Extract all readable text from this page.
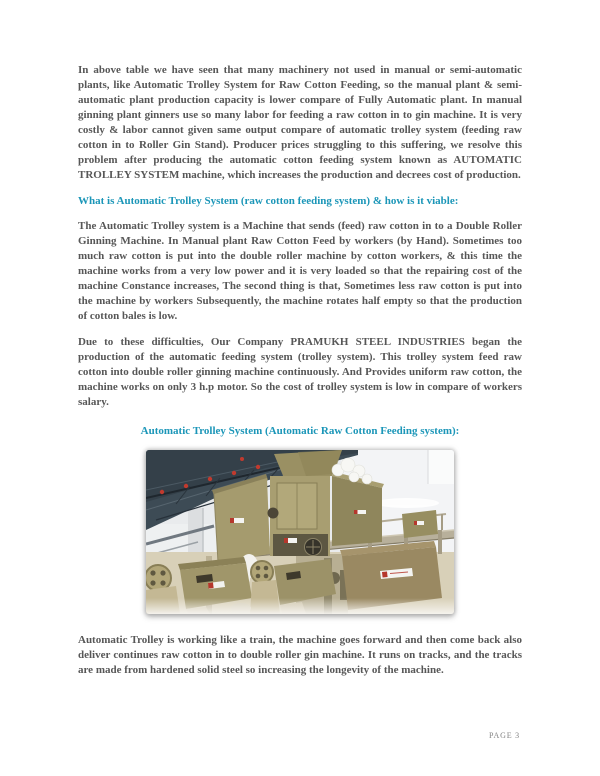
In above table we have seen that many machinery not used in manual or semi-automatic plants, like Automatic Trolley System for Raw Cotton Feeding, so the manual plant & semi-automatic plant production capacity is lower compare of Fully Automatic plant. In manual ginning plant ginners use so many labor for feeding a raw cotton in to gin machine. It is very costly & labor cannot given same output compare of automatic trolley system (feeding raw cotton in to Roller Gin Stand). Producer prices struggling to this suffering, we resolve this problem after producing the automatic cotton feeding system known as AUTOMATIC TROLLEY SYSTEM machine, which increases the production and decrees cost of production.

What is Automatic Trolley System (raw cotton feeding system) & how is it viable:

The Automatic Trolley system is a Machine that sends (feed) raw cotton in to a Double Roller Ginning Machine. In Manual plant Raw Cotton Feed by workers (by Hand). Sometimes too much raw cotton is put into the double roller machine by cotton workers, & this time the machine works from a very low power and it is very loaded so that the repairing cost of the machine Constance increases, The second thing is that, Sometimes less raw cotton is put into the machine by workers Subsequently, the machine rotates half empty so that the production of cotton bales is low.

Due to these difficulties, Our Company PRAMUKH STEEL INDUSTRIES began the production of the automatic feeding system (trolley system). This trolley system feed raw cotton into double roller ginning machine continuously. And Provides uniform raw cotton, the machine works on only 3 h.p motor. So the cost of trolley system is low in compare of workers salary.

Automatic Trolley System (Automatic Raw Cotton Feeding system):

Automatic Trolley is working like a train, the machine goes forward and then come back also deliver continues raw cotton in to double roller gin machine. It runs on tracks, and the tracks are made from hardened solid steel so increasing the longevity of the machine.

PAGE 3
